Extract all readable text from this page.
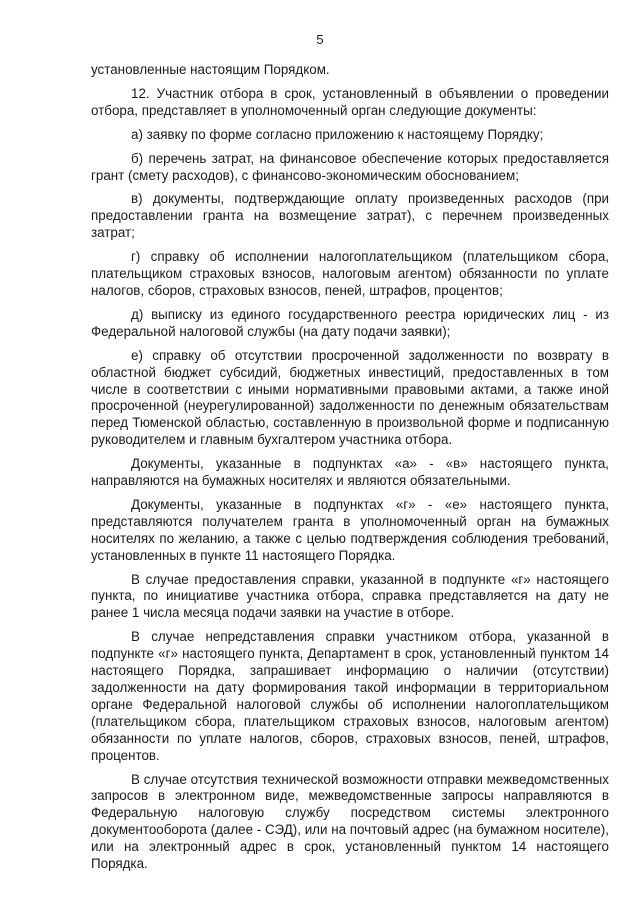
5

установленные настоящим Порядком.

12. Участник отбора в срок, установленный в объявлении о проведении отбора, представляет в уполномоченный орган следующие документы:

а) заявку по форме согласно приложению к настоящему Порядку;

б) перечень затрат, на финансовое обеспечение которых предоставляется грант (смету расходов), с финансово-экономическим обоснованием;

в) документы, подтверждающие оплату произведенных расходов (при предоставлении гранта на возмещение затрат), с перечнем произведенных затрат;

г) справку об исполнении налогоплательщиком (плательщиком сбора, плательщиком страховых взносов, налоговым агентом) обязанности по уплате налогов, сборов, страховых взносов, пеней, штрафов, процентов;

д) выписку из единого государственного реестра юридических лиц - из Федеральной налоговой службы (на дату подачи заявки);

е) справку об отсутствии просроченной задолженности по возврату в областной бюджет субсидий, бюджетных инвестиций, предоставленных в том числе в соответствии с иными нормативными правовыми актами, а также иной просроченной (неурегулированной) задолженности по денежным обязательствам перед Тюменской областью, составленную в произвольной форме и подписанную руководителем и главным бухгалтером участника отбора.

Документы, указанные в подпунктах «а» - «в» настоящего пункта, направляются на бумажных носителях и являются обязательными.

Документы, указанные в подпунктах «г» - «е» настоящего пункта, представляются получателем гранта в уполномоченный орган на бумажных носителях по желанию, а также с целью подтверждения соблюдения требований, установленных в пункте 11 настоящего Порядка.

В случае предоставления справки, указанной в подпункте «г» настоящего пункта, по инициативе участника отбора, справка представляется на дату не ранее 1 числа месяца подачи заявки на участие в отборе.

В случае непредставления справки участником отбора, указанной в подпункте «г» настоящего пункта, Департамент в срок, установленный пунктом 14 настоящего Порядка, запрашивает информацию о наличии (отсутствии) задолженности на дату формирования такой информации в территориальном органе Федеральной налоговой службы об исполнении налогоплательщиком (плательщиком сбора, плательщиком страховых взносов, налоговым агентом) обязанности по уплате налогов, сборов, страховых взносов, пеней, штрафов, процентов.

В случае отсутствия технической возможности отправки межведомственных запросов в электронном виде, межведомственные запросы направляются в Федеральную налоговую службу посредством системы электронного документооборота (далее - СЭД), или на почтовый адрес (на бумажном носителе), или на электронный адрес в срок, установленный пунктом 14 настоящего Порядка.
